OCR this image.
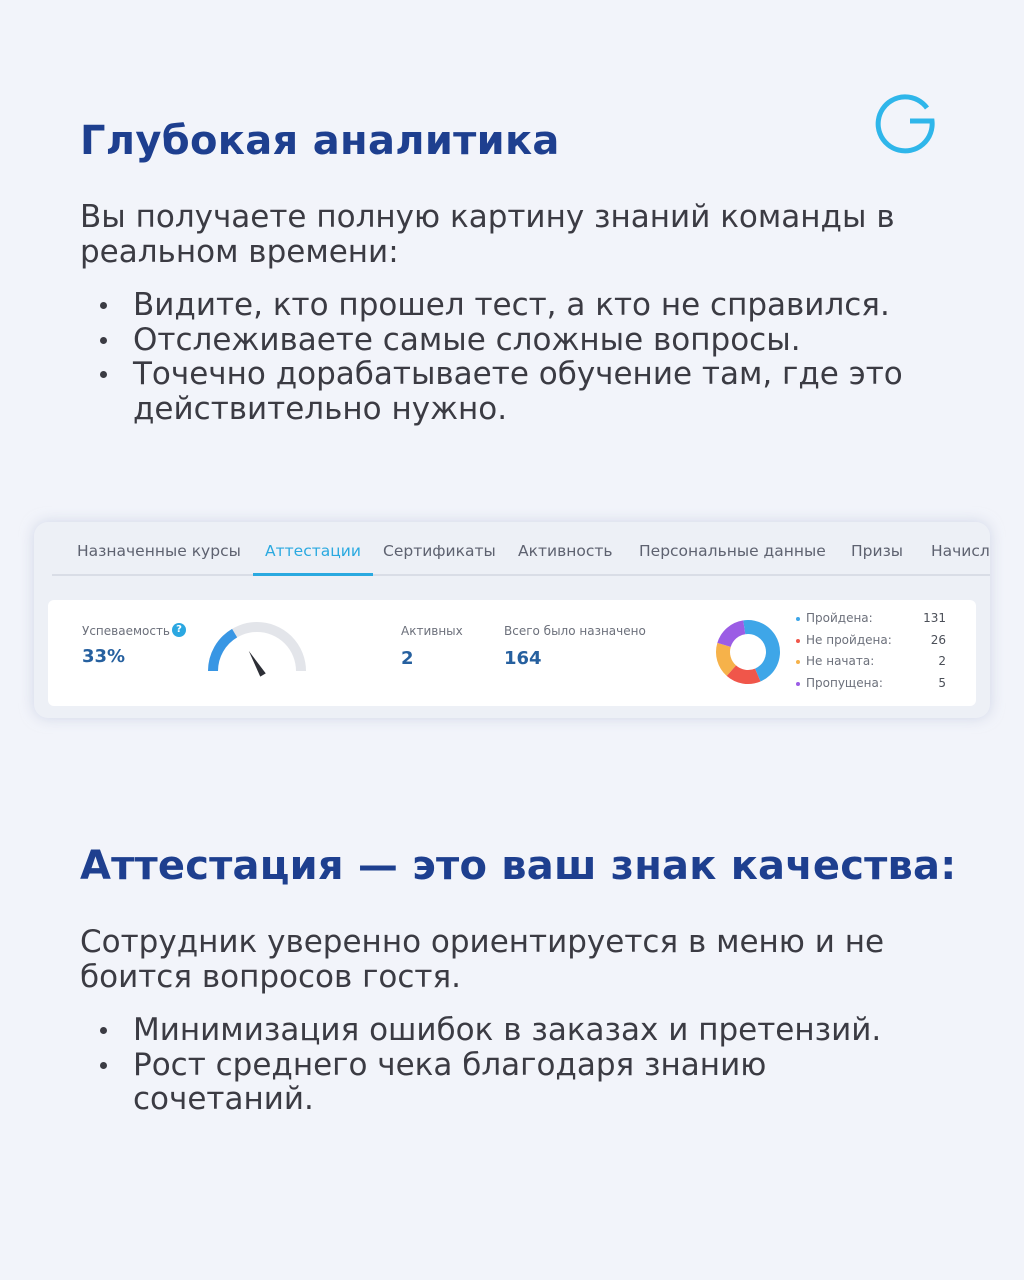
Глубокая аналитика

Вы получаете полную картину знаний команды в реальном времени:

Видите, кто прошел тест, а кто не справился.
Отслеживаете самые сложные вопросы.
Точечно дорабатываете обучение там, где это действительно нужно.
Назначенные курсы Аттестации Сертификаты Активность Персональные данные Призы Начисл
Успеваемость ?
33%
Активных
2
Всего было назначено
164
Пройдена:	131
Не пройдена:	26
Не начата:	2
Пропущена:	5
Аттестация — это ваш знак качества:

Сотрудник уверенно ориентируется в меню и не боится вопросов гостя.

Минимизация ошибок в заказах и претензий.
Рост среднего чека благодаря знанию сочетаний.
